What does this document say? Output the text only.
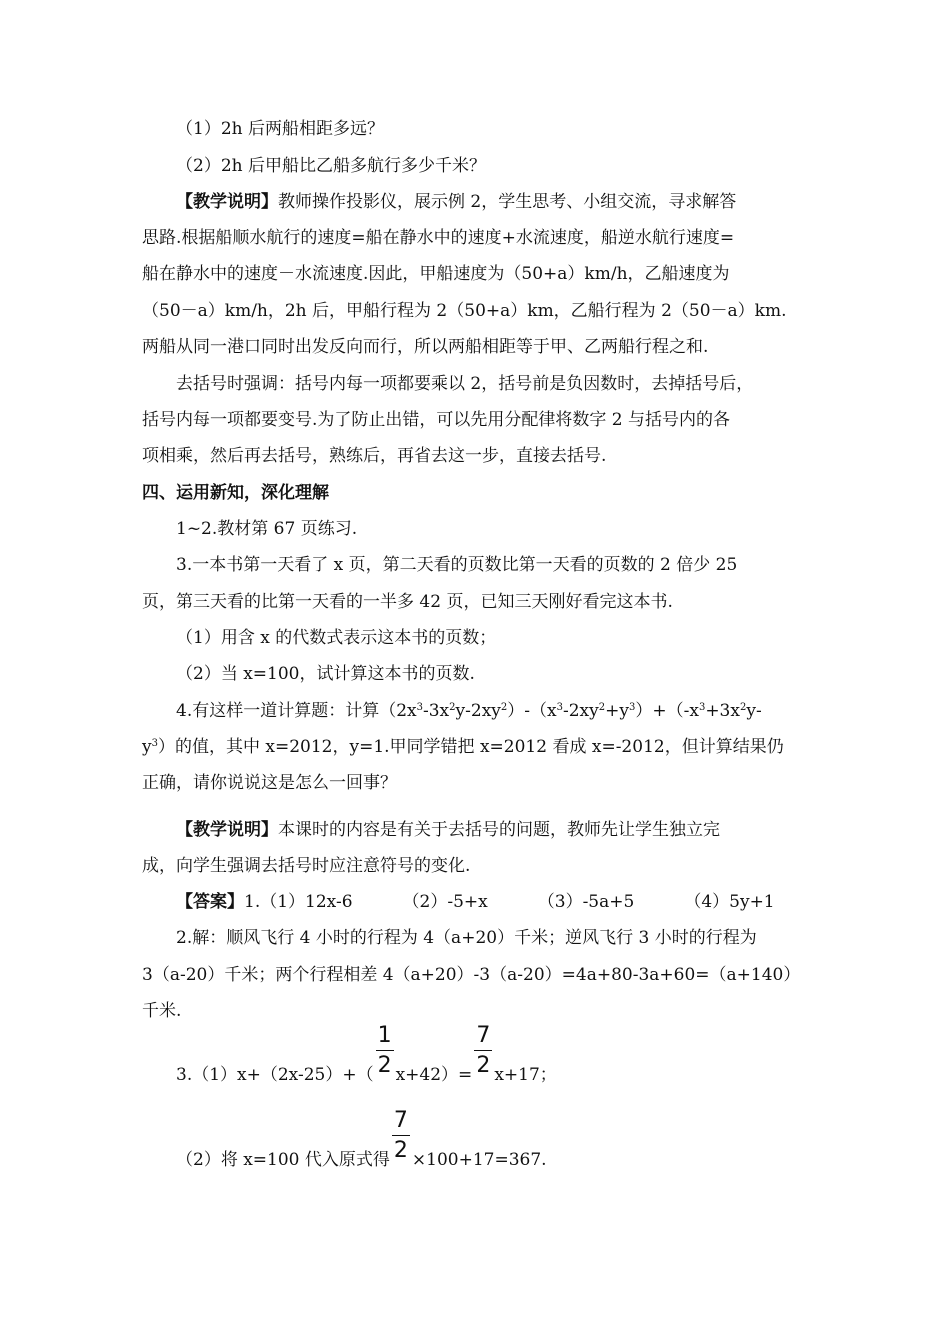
（1）2h 后两船相距多远？
（2）2h 后甲船比乙船多航行多少千米？
【教学说明】教师操作投影仪，展示例 2，学生思考、小组交流，寻求解答
思路.根据船顺水航行的速度=船在静水中的速度+水流速度，船逆水航行速度=
船在静水中的速度－水流速度.因此，甲船速度为（50+a）km/h，乙船速度为
（50－a）km/h，2h 后，甲船行程为 2（50+a）km，乙船行程为 2（50－a）km.
两船从同一港口同时出发反向而行，所以两船相距等于甲、乙两船行程之和.
去括号时强调：括号内每一项都要乘以 2，括号前是负因数时，去掉括号后，
括号内每一项都要变号.为了防止出错，可以先用分配律将数字 2 与括号内的各
项相乘，然后再去括号，熟练后，再省去这一步，直接去括号.
四、运用新知，深化理解
1~2.教材第 67 页练习.
3.一本书第一天看了 x 页，第二天看的页数比第一天看的页数的 2 倍少 25
页，第三天看的比第一天看的一半多 42 页，已知三天刚好看完这本书.
（1）用含 x 的代数式表示这本书的页数；
（2）当 x=100，试计算这本书的页数.
4.有这样一道计算题：计算$(2x^3-3x^2y-2xy^2)-(x^3-2xy^2+y^3)+(-x^3+3x^2y-$
$y^3$）的值，其中 x=2012，y=1.甲同学错把 x=2012 看成 x=-2012，但计算结果仍
正确，请你说说这是怎么一回事？
【教学说明】本课时的内容是有关于去括号的问题，教师先让学生独立完
成，向学生强调去括号时应注意符号的变化.
【答案】1.（1）12x-6	（2）-5+x	（3）-5a+5	（4）5y+1
2.解：顺风飞行 4 小时的行程为 4（a+20）千米；逆风飞行 3 小时的行程为
3（a-20）千米；两个行程相差 4（a+20）-3（a-20）=4a+80-3a+60=（a+140）
千米.
$3.(1)x+(2x-25)+( \frac{1}{2} x+42)= \frac{7}{2} x+17$；
（2）将 x=100 代入原式得 $\frac{7}{2} \times 100+17=367$.
